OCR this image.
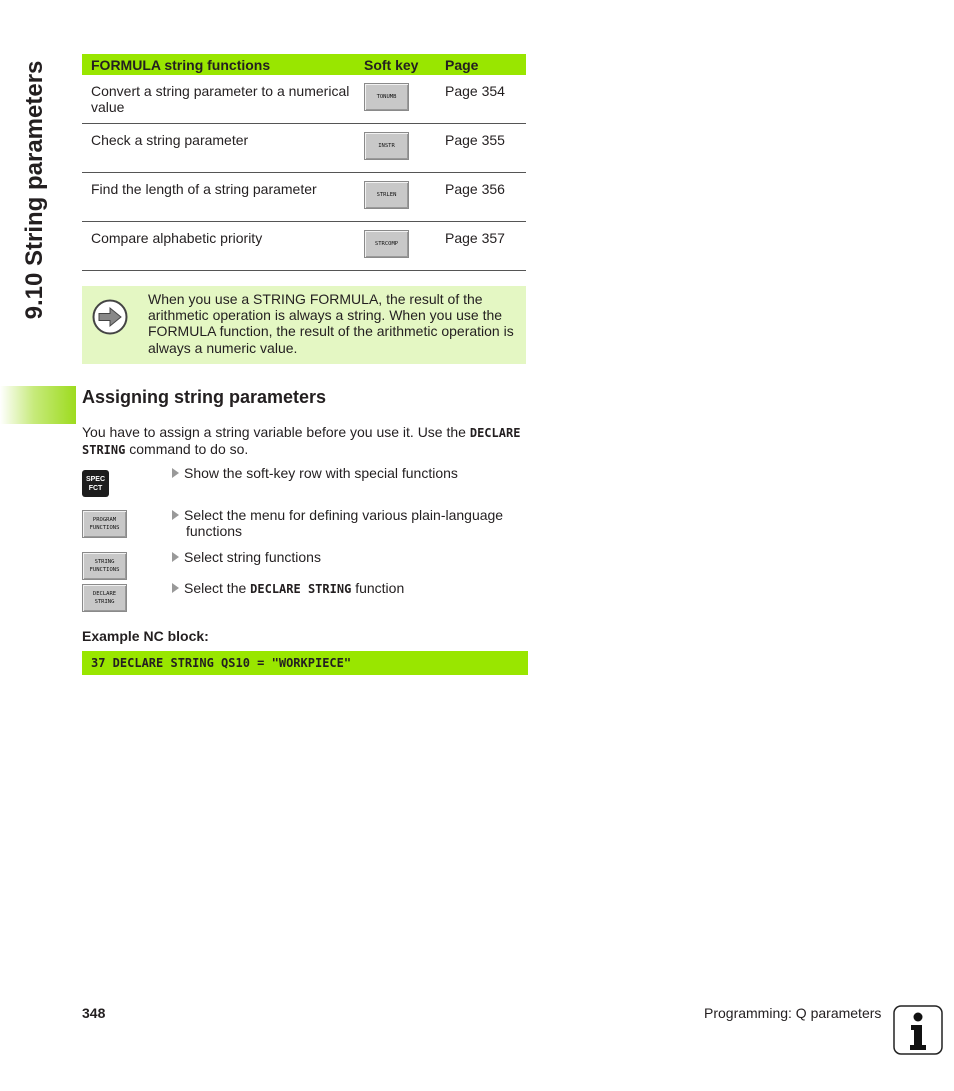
9.10 String parameters	FORMULA string functions	Soft key	Page
Convert a string parameter to a numerical value	TONUMB	Page 354
Check a string parameter	INSTR	Page 355
Find the length of a string parameter	STRLEN	Page 356
Compare alphabetic priority	STRCOMP	Page 357
When you use a STRING FORMULA, the result of the arithmetic operation is always a string. When you use the FORMULA function, the result of the arithmetic operation is always a numeric value.
Assigning string parameters
You have to assign a string variable before you use it. Use the DECLARE STRING command to do so.
SPEC
FCT
Show the soft-key row with special functions
PROGRAM
FUNCTIONS
Select the menu for defining various plain-language
functions
STRING
FUNCTIONS
Select string functions
DECLARE
STRING
Select the DECLARE STRING function
Example NC block:
37 DECLARE STRING QS10 = "WORKPIECE"
348	Programming: Q parameters
